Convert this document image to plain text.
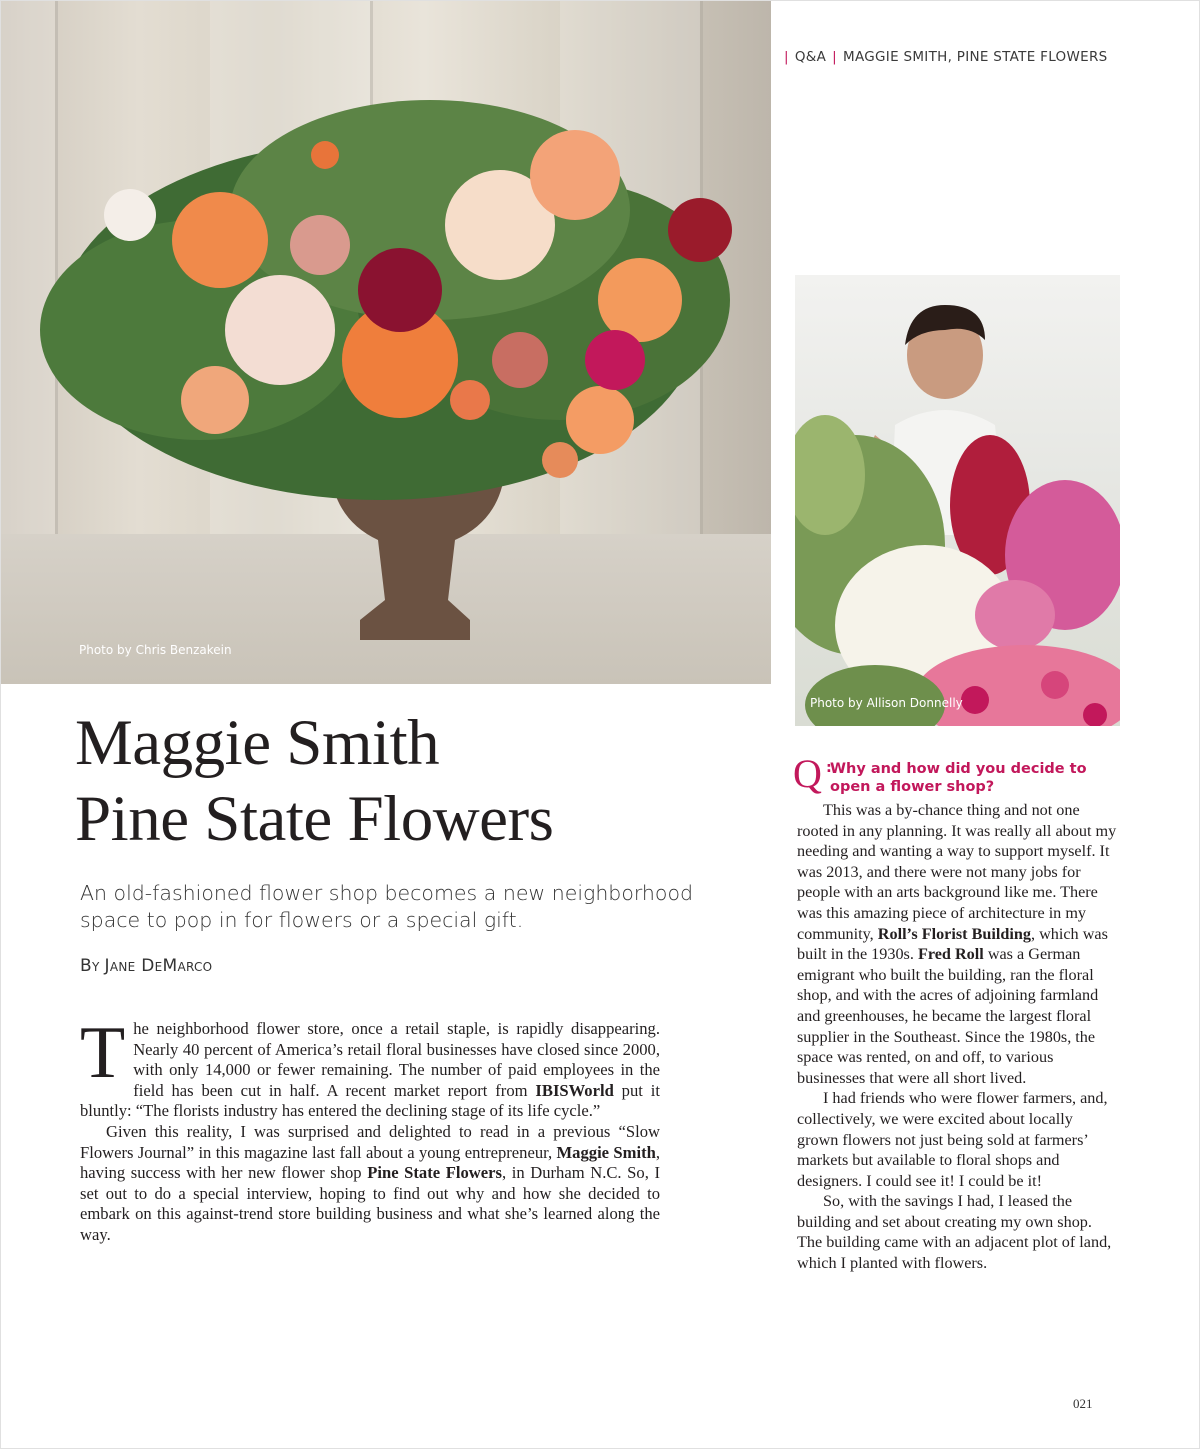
Photo by Chris Benzakein
| Q&A | MAGGIE SMITH, PINE STATE FLOWERS
Photo by Allison Donnelly
Maggie Smith
Pine State Flowers
An old-fashioned flower shop becomes a new neighborhood space to pop in for flowers or a special gift.
By Jane DeMarco

The neighborhood flower store, once a retail staple, is rapidly disappearing. Nearly 40 percent of America’s retail floral businesses have closed since 2000, with only 14,000 or fewer remaining. The number of paid employees in the field has been cut in half. A recent market report from IBISWorld put it bluntly: “The florists industry has entered the declining stage of its life cycle.”

Given this reality, I was surprised and delighted to read in a previous “Slow Flowers Journal” in this magazine last fall about a young entrepreneur, Maggie Smith, having success with her new flower shop Pine State Flowers, in Durham N.C. So, I set out to do a special interview, hoping to find out why and how she decided to embark on this against-trend store building business and what she’s learned along the way.

Q :
Why and how did you decide to open a flower shop?

This was a by-chance thing and not one rooted in any planning. It was really all about my needing and wanting a way to support myself. It was 2013, and there were not many jobs for people with an arts background like me. There was this amazing piece of architecture in my community, Roll’s Florist Building, which was built in the 1930s. Fred Roll was a German emigrant who built the building, ran the floral shop, and with the acres of adjoining farmland and greenhouses, he became the largest floral supplier in the Southeast. Since the 1980s, the space was rented, on and off, to various businesses that were all short lived.

I had friends who were flower farmers, and, collectively, we were excited about locally grown flowers not just being sold at farmers’ markets but available to floral shops and designers. I could see it! I could be it!

So, with the savings I had, I leased the building and set about creating my own shop. The building came with an adjacent plot of land, which I planted with flowers.

021
